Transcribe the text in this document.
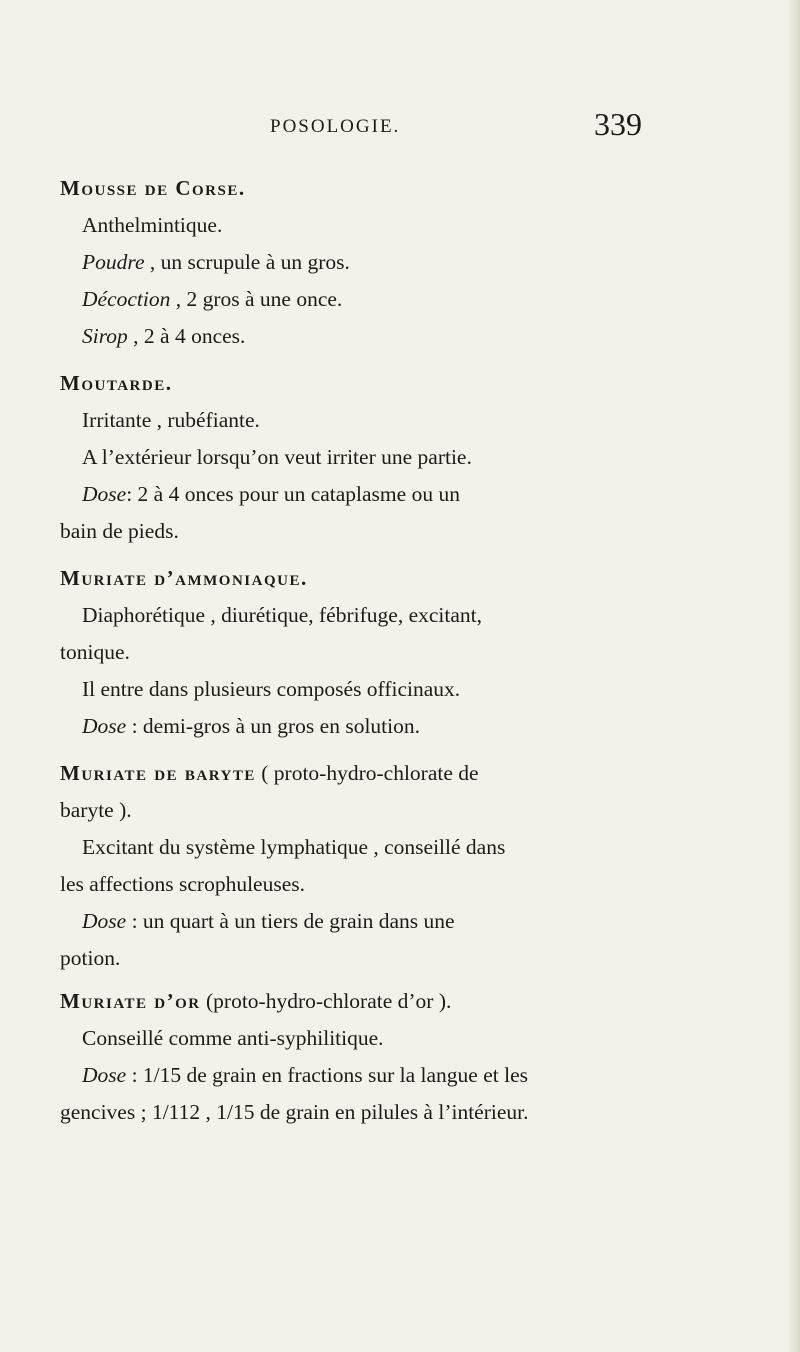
POSOLOGIE.	339

Mousse de Corse.

Anthelmintique.

Poudre , un scrupule à un gros.

Décoction , 2 gros à une once.

Sirop , 2 à 4 onces.

Moutarde.

Irritante , rubéfiante.

A l’extérieur lorsqu’on veut irriter une partie.

Dose: 2 à 4 onces pour un cataplasme ou un

bain de pieds.

Muriate d’ammoniaque.

Diaphorétique , diurétique, fébrifuge, excitant,

tonique.

Il entre dans plusieurs composés officinaux.

Dose : demi-gros à un gros en solution.

Muriate de baryte ( proto-hydro-chlorate de

baryte ).

Excitant du système lymphatique , conseillé dans

les affections scrophuleuses.

Dose : un quart à un tiers de grain dans une

potion.

Muriate d’or (proto-hydro-chlorate d’or ).

Conseillé comme anti-syphilitique.

Dose : 1/15 de grain en fractions sur la langue et les

gencives ; 1/112 , 1/15 de grain en pilules à l’intérieur.
